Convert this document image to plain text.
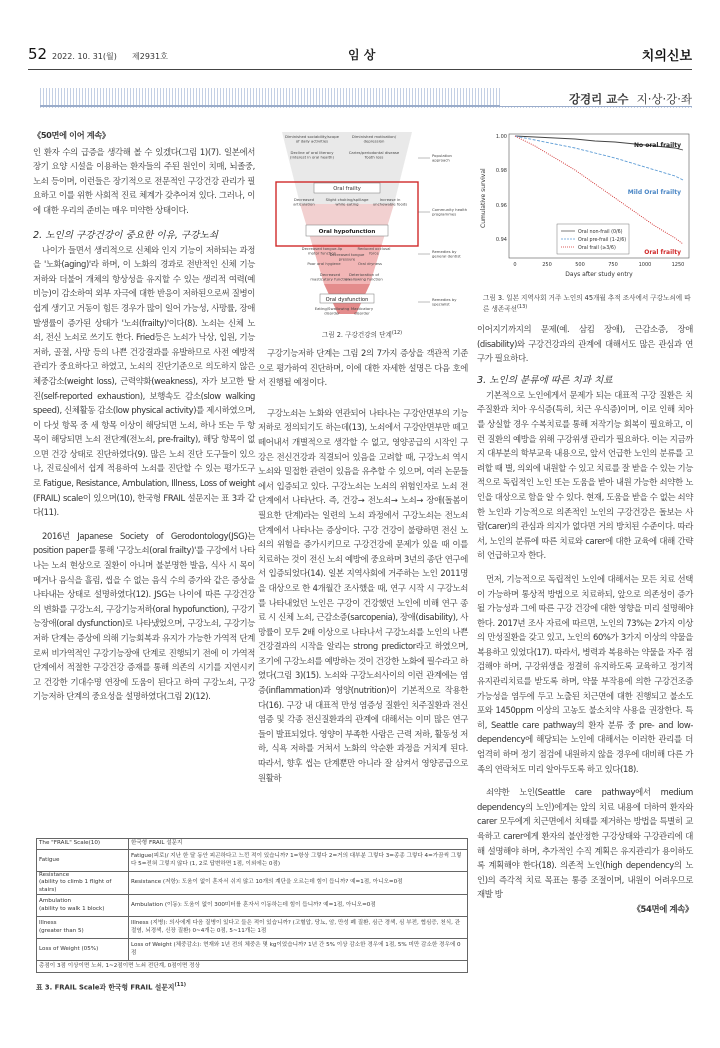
52 2022. 10. 31(월) 제2931호	임 상	치의신보
강경리 교수 지·상·강·좌

《50면에 이어 계속》

인 환자 수의 급증을 생각해 볼 수 있겠다(그림 1)(7). 일본에서 장기 요양 시설을 이용하는 환자들의 주된 원인이 치매, 뇌졸중, 노쇠 등이며, 이런들은 장기적으로 전문적인 구강건강 관리가 필요하고 이를 위한 사회적 진료 체계가 갖추어져 있다. 그러나, 이에 대한 우리의 준비는 매우 미약한 상태이다.

2. 노인의 구강건강이 중요한 이유, 구강노쇠

나이가 들면서 생리적으로 신체와 인지 기능이 저하되는 과정을 '노화(aging)'라 하며, 이 노화의 경과로 전반적인 신체 기능 저하와 더불어 개체의 항상성을 유지할 수 있는 생리적 여력(예비능)이 감소하여 외부 자극에 대한 반응이 저하된으로써 질병이 쉽게 생기고 거동이 힘든 경우가 많이 일어 가능성, 사망률, 장애 발생률이 증가된 상태가 '노쇠(frailty)'이다(8). 노쇠는 신체 노쇠, 전신 노쇠로 쓰기도 한다. Fried등은 노쇠가 낙상, 입원, 기능저하, 골절, 사망 등의 나쁜 건강결과를 유발하므로 사전 예방적 관리가 중요하다고 하였고, 노쇠의 진단기준으로 의도하지 않은 체중감소(weight loss), 근력약화(weakness), 자가 보고한 탈진(self-reported exhaustion), 보행속도 감소(slow walking speed), 신체활동 감소(low physical activity)를 제시하였으며, 이 다섯 항목 중 세 항목 이상이 해당되면 노쇠, 하나 또는 두 항목이 해당되면 노쇠 전단계(전노쇠, pre-frailty), 해당 항목이 없으면 건강 상태로 진단하였다(9). 많은 노쇠 진단 도구들이 있으나, 진료실에서 쉽게 적용하여 노쇠를 진단할 수 있는 평가도구로 Fatigue, Resistance, Ambulation, Illness, Loss of weight (FRAIL) scale이 있으며(10), 한국형 FRAIL 설문지는 표 3과 같다(11).

2016년 Japanese Society of Gerodontology(JSG)는 position paper를 통해 '구강노쇠(oral frailty)'를 구강에서 나타나는 노쇠 현상으로 질환이 아니며 불분명한 발음, 식사 시 목이 메거나 음식을 흘림, 씹을 수 없는 음식 수의 증가와 같은 증상을 나타내는 상태로 설명하였다(12). JSG는 나이에 따른 구강건강의 변화를 구강노쇠, 구강기능저하(oral hypofunction), 구강기능장애(oral dysfunction)로 나타냈었으며, 구강노쇠, 구강기능저하 단계는 증상에 의해 기능회복과 유지가 가능한 가역적 단계로써 비가역적인 구강기능장애 단계로 진행되기 전에 이 가역적 단계에서 적절한 구강건강 증재를 통해 의존의 시기를 지연시키고 건강한 기대수명 연장에 도움이 된다고 하여 구강노쇠, 구강기능저하 단계의 중요성을 설명하였다(그림 2)(12).

Diminished sociability/scope of daily activities
Diminished motivation/ depression
Decline of oral literacy (interest in oral health)
Caries/periodontal disease Tooth loss
Oral frailty
Decreased articulation
Slight choking/spillage while eating
Increase in unchewable foods
Oral hypofunction
Decreased tongue-lip motor function
Decreased tongue pressure
Reduced occlusal force
Poor oral hygiene	Oral dryness
Decreased masticatory function
Deterioration of swallowing function
Oral dysfunction
Eating/Swallowing disorder
Masticatory disorder
Population approach
Community health programmes
Remedies by general dentist
Remedies by specialist
그림 2. 구강건강의 단계$^{(12)}$

구강기능저하 단계는 그림 2의 7가지 증상을 객관적 기준으로 평가하여 진단하며, 이에 대한 자세한 설명은 다음 호에서 진행될 예정이다.

구강노쇠는 노화와 연관되어 나타나는 구강안면부의 기능 저하로 정의되기도 하는데(13), 노쇠에서 구강안면부만 떼고 떼어내서 개별적으로 생각할 수 없고, 영양공급의 시작인 구강은 전신건강과 직결되어 있음을 고려할 때, 구강노쇠 역시 노쇠와 밀접한 관련이 있음을 유추할 수 있으며, 여러 논문들에서 입증되고 있다. 구강노쇠는 노쇠의 위험인자로 노쇠 전단계에서 나타난다. 즉, 건강→ 전노쇠→ 노쇠→ 장애(돌봄이 필요한 단계)라는 일련의 노쇠 과정에서 구강노쇠는 전노쇠 단계에서 나타나는 증상이다. 구강 건강이 불량하면 전신 노쇠의 위험을 증가시키므로 구강건강에 문제가 있을 때 이를 치료하는 것이 전신 노쇠 예방에 중요하며 3년의 종단 연구에서 입증되었다(14). 일본 지역사회에 거주하는 노인 2011명을 대상으로 한 4개월간 조사했을 때, 연구 시작 시 구강노쇠를 나타내었던 노인은 구강이 건강했던 노인에 비해 연구 종료 시 신체 노쇠, 근감소증(sarcopenia), 장애(disability), 사망률이 모두 2배 이상으로 나타나서 구강노쇠를 노인의 나쁜 건강결과의 시작을 알리는 strong predictor라고 하였으며, 조기에 구강노쇠를 예방하는 것이 건강한 노화에 필수라고 하였다(그림 3)(15). 노쇠와 구강노쇠사이의 이런 관계에는 염증(inflammation)과 영양(nutrition)이 기본적으로 작용한다(16). 구강 내 대표적 만성 염증성 질환인 치주질환과 전신 염증 및 각종 전신질환과의 관계에 대해서는 이미 많은 연구들이 발표되었다. 영양이 부족한 사람은 근력 저하, 활동성 저하, 식욕 저하를 거쳐서 노화의 악순환 과정을 거치게 된다. 따라서, 향후 씹는 단계뿐만 아니라 잘 삼켜서 영양공급으로 원활하

Cumulative survival
1.00
0.98
0.96
0.94
0	250	500	750	1000	1250
Days after study entry
No oral frailty
Mild Oral frailty
Oral frailty
Oral non-frail (0/6)
Oral pre-frail (1-2/6)
Oral frail (≥3/6)
그림 3. 일본 지역사회 거주 노인의 45개월 추적 조사에서 구강노쇠에 따른 생존곡선$^{(13)}$

이어지기까지의 문제(예. 삼킴 장애), 근감소증, 장애(disability)와 구강건강과의 관계에 대해서도 많은 관심과 연구가 필요하다.

3. 노인의 분류에 따른 치과 치료

기본적으로 노인에게서 문제가 되는 대표적 구강 질환은 치주질환과 치아 우식증(특히, 치근 우식증)이며, 이로 인해 치아를 상실할 경우 수복치료를 통해 저작기능 회복이 필요하고, 이런 질환의 예방을 위해 구강위생 관리가 필요하다. 이는 지금까지 대부분의 학부교육 내용으로, 앞서 언급한 노인의 분류를 고려할 때 별, 의외에 내원할 수 있고 치료를 잘 받을 수 있는 기능적으로 독립적인 노인 또는 도움을 받아 내원 가능한 쇠약한 노인을 대상으로 함을 알 수 있다. 현재, 도움을 받을 수 없는 쇠약한 노인과 기능적으로 의존적인 노인의 구강건강은 돌보는 사람(carer)의 관심과 의지가 없다면 거의 방치된 수준이다. 따라서, 노인의 분류에 따른 치료와 carer에 대한 교육에 대해 간략히 언급하고자 한다.

먼저, 기능적으로 독립적인 노인에 대해서는 모든 치료 선택이 가능하며 통상적 방법으로 치료하되, 앞으로 의존성이 증가될 가능성과 그에 따른 구강 건강에 대한 영향을 미리 설명해야 한다. 2017년 조사 자료에 따르면, 노인의 73%는 2가지 이상의 만성질환을 갖고 있고, 노인의 60%가 3가지 이상의 약물을 복용하고 있었다(17). 따라서, 병력과 복용하는 약물을 자주 점검해야 하며, 구강위생을 정결히 유지하도록 교육하고 정기적 유지관리치료를 받도록 하며, 약물 부작용에 의한 구강건조증 가능성을 염두에 두고 노출된 치근면에 대한 진행되고 불소도포와 1450ppm 이상의 고농도 불소치약 사용을 권장한다. 특히, Seattle care pathway의 환자 분류 중 pre- and low-dependency에 해당되는 노인에 대해서는 이러한 관리를 더 엄격히 하며 정기 점검에 내원하지 않을 경우에 대비해 다른 가족의 연락처도 미리 알아두도록 하고 있다(18).

쇠약한 노인(Seattle care pathway에서 medium dependency의 노인)에게는 앞의 치료 내용에 더하여 환자와 carer 모두에게 치근면에서 치태를 제거하는 방법을 특별히 교육하고 carer에게 환자의 불안정한 구강상태와 구강관리에 대해 설명해야 하며, 추가적인 수직 계획은 유지관리가 용이하도록 계획해야 한다(18). 의존적 노인(high dependency의 노인)의 즉각적 치료 목표는 통증 조절이며, 내원이 어려우므로 재발 방

《54면에 계속》

The "FRAIL" Scale(10)	한국형 FRAIL 설문지
Fatigue	Fatigue(피로)/ 지난 한 달 동안 피곤하다고 느낀 적이 있습니까? 1=항상 그렇다 2=거의 대부분 그렇다 3=종종 그렇다 4=가끔씩 그렇다 5=전혀 그렇지 않다 (1, 2로 답변하면 1점, 이외에는 0점)
Resistance
(ability to climb 1 flight of stairs)	Resistance (저항): 도움이 없이 혼자서 쉬지 않고 10개의 계단을 오르는데 힘이 듭니까? 예=1점, 아니오=0점
Ambulation
(ability to walk 1 block)	Ambulation (이동): 도움이 없이 300미터를 혼자서 이동하는데 힘이 듭니까? 예=1점, 아니오=0점
Illness
(greater than 5)	Illness (지병): 의사에게 다음 질병이 있다고 들은 적이 있습니까? (고혈압, 당뇨, 암, 만성 폐 질환, 심근 경색, 심 부전, 협심증, 천식, 관절염, 뇌경색, 신장 질환) 0~4개는 0점, 5~11개는 1점
Loss of Weight (05%)	Loss of Weight (체중감소): 현재와 1년 전의 체중은 몇 kg이었습니까? 1년 간 5% 이상 감소한 경우에 1점, 5% 미만 감소한 경우에 0점
총점이 3점 이상이면 노쇠, 1~2점이면 노쇠 전단계, 0점이면 정상	
표 3. FRAIL Scale과 한국형 FRAIL 설문지$^{(11)}$
